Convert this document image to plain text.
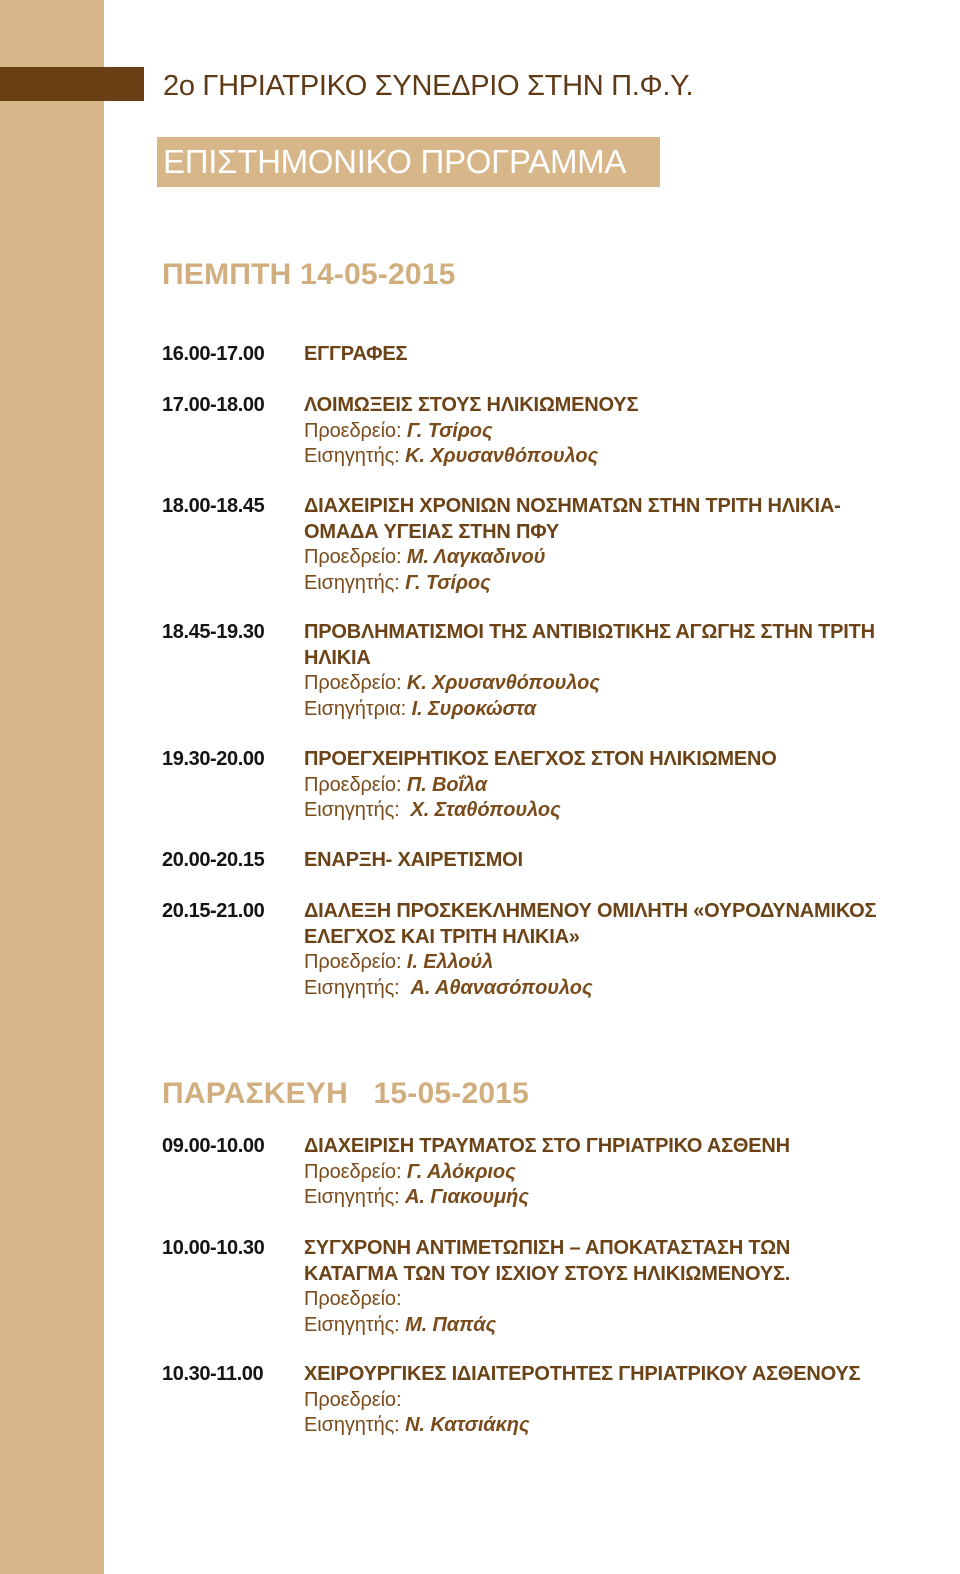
2ο ΓΗΡΙΑΤΡΙΚΟ ΣΥΝΕΔΡΙΟ ΣΤΗΝ Π.Φ.Υ.
ΕΠΙΣΤΗΜΟΝΙΚΟ ΠΡΟΓΡΑΜΜΑ
ΠΕΜΠΤΗ 14-05-2015
16.00-17.00 ΕΓΓΡΑΦΕΣ
17.00-18.00 ΛΟΙΜΩΞΕΙΣ ΣΤΟΥΣ ΗΛΙΚΙΩΜΕΝΟΥΣ
Προεδρείο: Γ. Τσίρος
Εισηγητής: Κ. Χρυσανθόπουλος
18.00-18.45 ΔΙΑΧΕΙΡΙΣΗ ΧΡΟΝΙΩΝ ΝΟΣΗΜΑΤΩΝ ΣΤΗΝ ΤΡΙΤΗ ΗΛΙΚΙΑ-
ΟΜΑΔΑ ΥΓΕΙΑΣ ΣΤΗΝ ΠΦΥ
Προεδρείο: Μ. Λαγκαδινού
Εισηγητής: Γ. Τσίρος
18.45-19.30 ΠΡΟΒΛΗΜΑΤΙΣΜΟΙ ΤΗΣ ΑΝΤΙΒΙΩΤΙΚΗΣ ΑΓΩΓΗΣ ΣΤΗΝ ΤΡΙΤΗ
ΗΛΙΚΙΑ
Προεδρείο: Κ. Χρυσανθόπουλος
Εισηγήτρια: Ι. Συροκώστα
19.30-20.00 ΠΡΟΕΓΧΕΙΡΗΤΙΚΟΣ ΕΛΕΓΧΟΣ ΣΤΟΝ ΗΛΙΚΙΩΜΕΝΟ
Προεδρείο: Π. Βοΐλα
Εισηγητής:  Χ. Σταθόπουλος
20.00-20.15 ΕΝΑΡΞΗ- ΧΑΙΡΕΤΙΣΜΟΙ
20.15-21.00 ΔΙΑΛΕΞΗ ΠΡΟΣΚΕΚΛΗΜΕΝΟΥ ΟΜΙΛΗΤΗ «ΟΥΡΟΔΥΝΑΜΙΚΟΣ
ΕΛΕΓΧΟΣ ΚΑΙ ΤΡΙΤΗ ΗΛΙΚΙΑ»
Προεδρείο: Ι. Ελλούλ
Εισηγητής:  Α. Αθανασόπουλος
ΠΑΡΑΣΚΕΥΗ   15-05-2015
09.00-10.00 ΔΙΑΧΕΙΡΙΣΗ ΤΡΑΥΜΑΤΟΣ ΣΤΟ ΓΗΡΙΑΤΡΙΚΟ ΑΣΘΕΝΗ
Προεδρείο: Γ. Αλόκριος
Εισηγητής: Α. Γιακουμής
10.00-10.30 ΣΥΓΧΡΟΝΗ ΑΝΤΙΜΕΤΩΠΙΣΗ – ΑΠΟΚΑΤΑΣΤΑΣΗ ΤΩΝ
ΚΑΤΑΓΜΑ ΤΩΝ ΤΟΥ ΙΣΧΙΟΥ ΣΤΟΥΣ ΗΛΙΚΙΩΜΕΝΟΥΣ.
Προεδρείο:
Εισηγητής: Μ. Παπάς
10.30-11.00 ΧΕΙΡΟΥΡΓΙΚΕΣ ΙΔΙΑΙΤΕΡΟΤΗΤΕΣ ΓΗΡΙΑΤΡΙΚΟΥ ΑΣΘΕΝΟΥΣ
Προεδρείο:
Εισηγητής: Ν. Κατσιάκης
